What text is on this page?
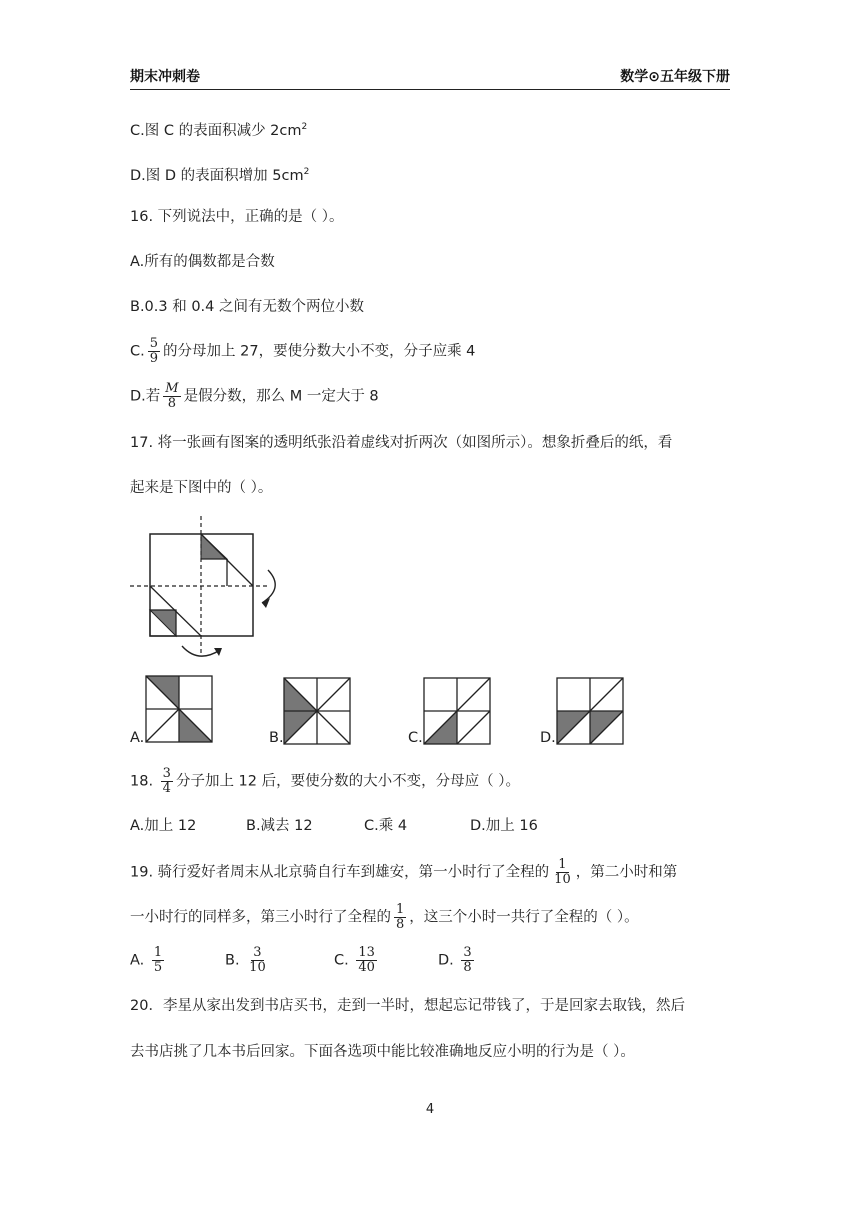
期末冲刺卷	数学⊙五年级下册
C.图 C 的表面积减少 $2cm^2$
D.图 D 的表面积增加 $5cm^2$
16. 下列说法中，正确的是（ ）。
A.所有的偶数都是合数
B.0.3 和 0.4 之间有无数个两位小数
C. $\frac{5}{9}$ 的分母加上 27，要使分数大小不变，分子应乘 4
D.若 $\frac{M}{8}$ 是假分数，那么 M 一定大于 8
17. 将一张画有图案的透明纸张沿着虚线对折两次（如图所示）。想象折叠后的纸，看
起来是下图中的（ ）。
A.	B.	C.	D.
18. $\frac{3}{4}$ 分子加上 12 后，要使分数的大小不变，分母应（ ）。
A.加上 12	B.减去 12	C.乘 4	D.加上 16
19. 骑行爱好者周末从北京骑自行车到雄安，第一小时行了全程的 $\frac{1}{10}$ ，第二小时和第
一小时行的同样多，第三小时行了全程的 $\frac{1}{8}$ ，这三个小时一共行了全程的（ ）。
A. $\frac{1}{5}$	B. $\frac{3}{10}$	C. $\frac{13}{40}$	D. $\frac{3}{8}$
20．李星从家出发到书店买书，走到一半时，想起忘记带钱了，于是回家去取钱，然后
去书店挑了几本书后回家。下面各选项中能比较准确地反应小明的行为是（ ）。
4
